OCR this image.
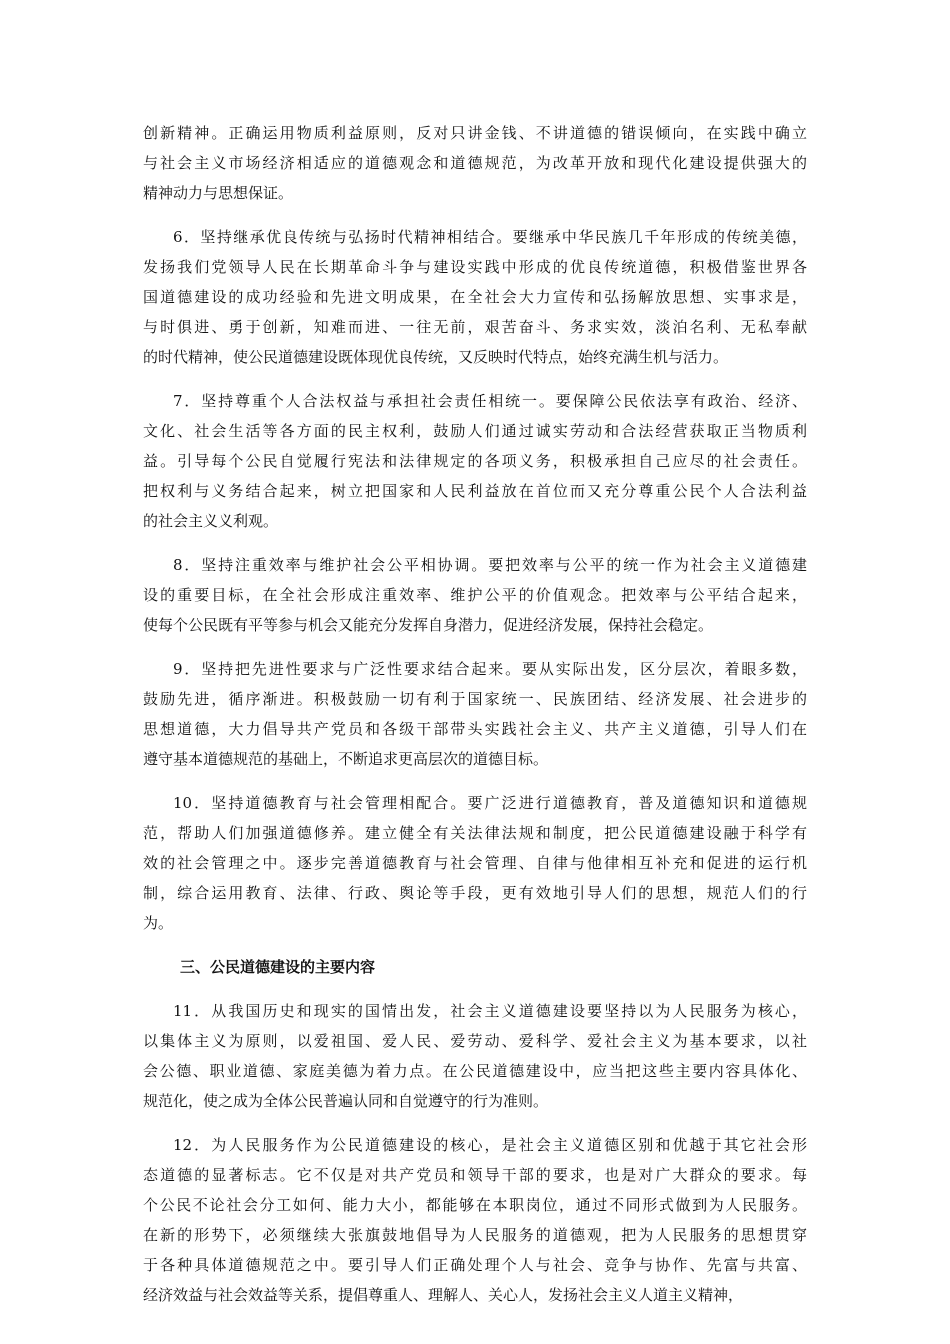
创新精神。正确运用物质利益原则，反对只讲金钱、不讲道德的错误倾向，在实践中确立
与社会主义市场经济相适应的道德观念和道德规范，为改革开放和现代化建设提供强大的
精神动力与思想保证。

6．坚持继承优良传统与弘扬时代精神相结合。要继承中华民族几千年形成的传统美德，
发扬我们党领导人民在长期革命斗争与建设实践中形成的优良传统道德，积极借鉴世界各
国道德建设的成功经验和先进文明成果，在全社会大力宣传和弘扬解放思想、实事求是，
与时俱进、勇于创新，知难而进、一往无前，艰苦奋斗、务求实效，淡泊名利、无私奉献
的时代精神，使公民道德建设既体现优良传统，又反映时代特点，始终充满生机与活力。

7．坚持尊重个人合法权益与承担社会责任相统一。要保障公民依法享有政治、经济、
文化、社会生活等各方面的民主权利，鼓励人们通过诚实劳动和合法经营获取正当物质利
益。引导每个公民自觉履行宪法和法律规定的各项义务，积极承担自己应尽的社会责任。
把权利与义务结合起来，树立把国家和人民利益放在首位而又充分尊重公民个人合法利益
的社会主义义利观。

8．坚持注重效率与维护社会公平相协调。要把效率与公平的统一作为社会主义道德建
设的重要目标，在全社会形成注重效率、维护公平的价值观念。把效率与公平结合起来，
使每个公民既有平等参与机会又能充分发挥自身潜力，促进经济发展，保持社会稳定。

9．坚持把先进性要求与广泛性要求结合起来。要从实际出发，区分层次，着眼多数，
鼓励先进，循序渐进。积极鼓励一切有利于国家统一、民族团结、经济发展、社会进步的
思想道德，大力倡导共产党员和各级干部带头实践社会主义、共产主义道德，引导人们在
遵守基本道德规范的基础上，不断追求更高层次的道德目标。

10．坚持道德教育与社会管理相配合。要广泛进行道德教育，普及道德知识和道德规
范，帮助人们加强道德修养。建立健全有关法律法规和制度，把公民道德建设融于科学有
效的社会管理之中。逐步完善道德教育与社会管理、自律与他律相互补充和促进的运行机
制，综合运用教育、法律、行政、舆论等手段，更有效地引导人们的思想，规范人们的行
为。

三、公民道德建设的主要内容

11．从我国历史和现实的国情出发，社会主义道德建设要坚持以为人民服务为核心，
以集体主义为原则，以爱祖国、爱人民、爱劳动、爱科学、爱社会主义为基本要求，以社
会公德、职业道德、家庭美德为着力点。在公民道德建设中，应当把这些主要内容具体化、
规范化，使之成为全体公民普遍认同和自觉遵守的行为准则。

12．为人民服务作为公民道德建设的核心，是社会主义道德区别和优越于其它社会形
态道德的显著标志。它不仅是对共产党员和领导干部的要求，也是对广大群众的要求。每
个公民不论社会分工如何、能力大小，都能够在本职岗位，通过不同形式做到为人民服务。
在新的形势下，必须继续大张旗鼓地倡导为人民服务的道德观，把为人民服务的思想贯穿
于各种具体道德规范之中。要引导人们正确处理个人与社会、竞争与协作、先富与共富、
经济效益与社会效益等关系，提倡尊重人、理解人、关心人，发扬社会主义人道主义精神，
